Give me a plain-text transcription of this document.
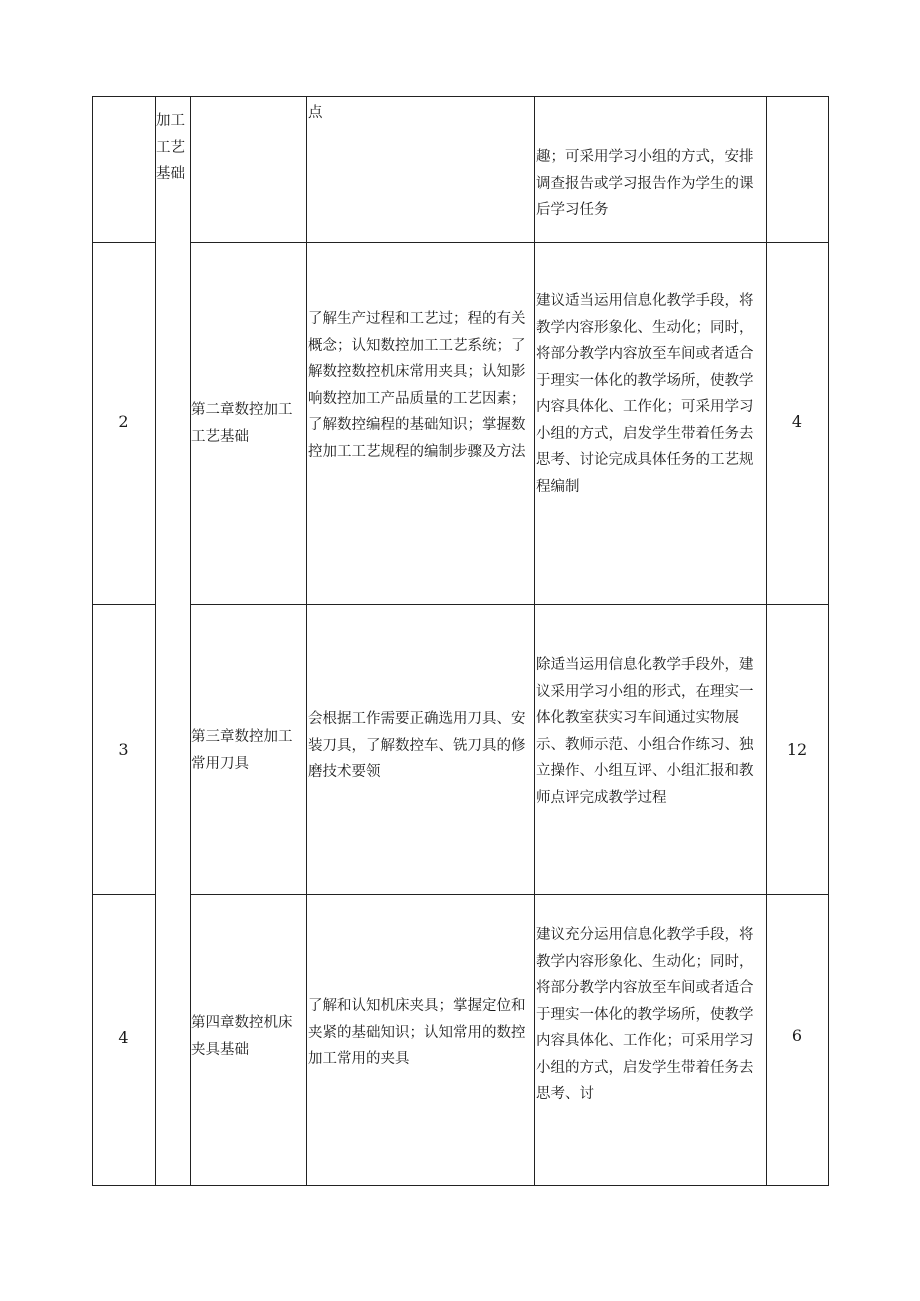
加工工艺基础
点
趣；可采用学习小组的方式，安排调查报告或学习报告作为学生的课后学习任务
2
第二章数控加工工艺基础
了解生产过程和工艺过；程的有关概念；认知数控加工工艺系统；了解数控数控机床常用夹具；认知影响数控加工产品质量的工艺因素；了解数控编程的基础知识；掌握数控加工工艺规程的编制步骤及方法
建议适当运用信息化教学手段，将教学内容形象化、生动化；同时，将部分教学内容放至车间或者适合于理实一体化的教学场所，使教学内容具体化、工作化；可采用学习小组的方式，启发学生带着任务去思考、讨论完成具体任务的工艺规程编制
4
3
第三章数控加工常用刀具
会根据工作需要正确选用刀具、安装刀具，了解数控车、铣刀具的修磨技术要领
除适当运用信息化教学手段外，建议采用学习小组的形式，在理实一体化教室获实习车间通过实物展示、教师示范、小组合作练习、独立操作、小组互评、小组汇报和教师点评完成教学过程
12
4
第四章数控机床夹具基础
了解和认知机床夹具；掌握定位和夹紧的基础知识；认知常用的数控加工常用的夹具
建议充分运用信息化教学手段，将教学内容形象化、生动化；同时，将部分教学内容放至车间或者适合于理实一体化的教学场所，使教学内容具体化、工作化；可采用学习小组的方式，启发学生带着任务去思考、讨
6
